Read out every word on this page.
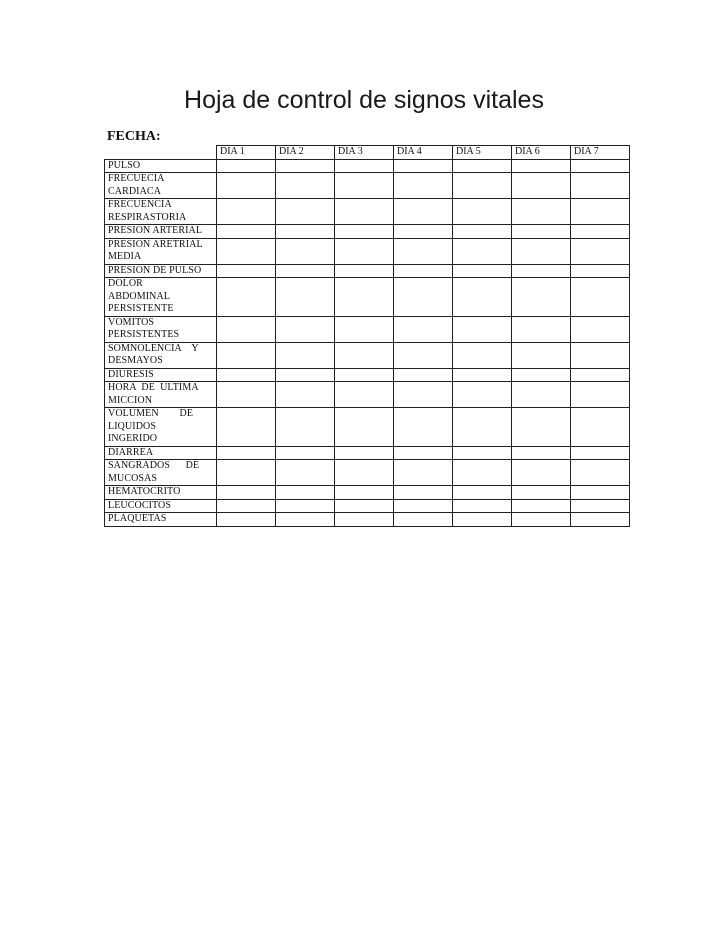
Hoja de control de signos vitales
FECHA:
	DIA 1	DIA 2	DIA 3	DIA 4	DIA 5	DIA 6	DIA 7

PULSO							

FRECUECIA
CARDIACA							

FRECUENCIA
RESPIRASTORIA							

PRESION ARTERIAL							

PRESION ARETRIAL
MEDIA							

PRESION DE PULSO							

DOLOR
ABDOMINAL
PERSISTENTE							

VOMITOS
PERSISTENTES							

SOMNOLENCIA    Y
DESMAYOS							

DIURESIS							

HORA  DE  ULTIMA
MICCION							

VOLUMEN        DE
LIQUIDOS
INGERIDO							

DIARREA							

SANGRADOS      DE
MUCOSAS							

HEMATOCRITO							

LEUCOCITOS							

PLAQUETAS							
